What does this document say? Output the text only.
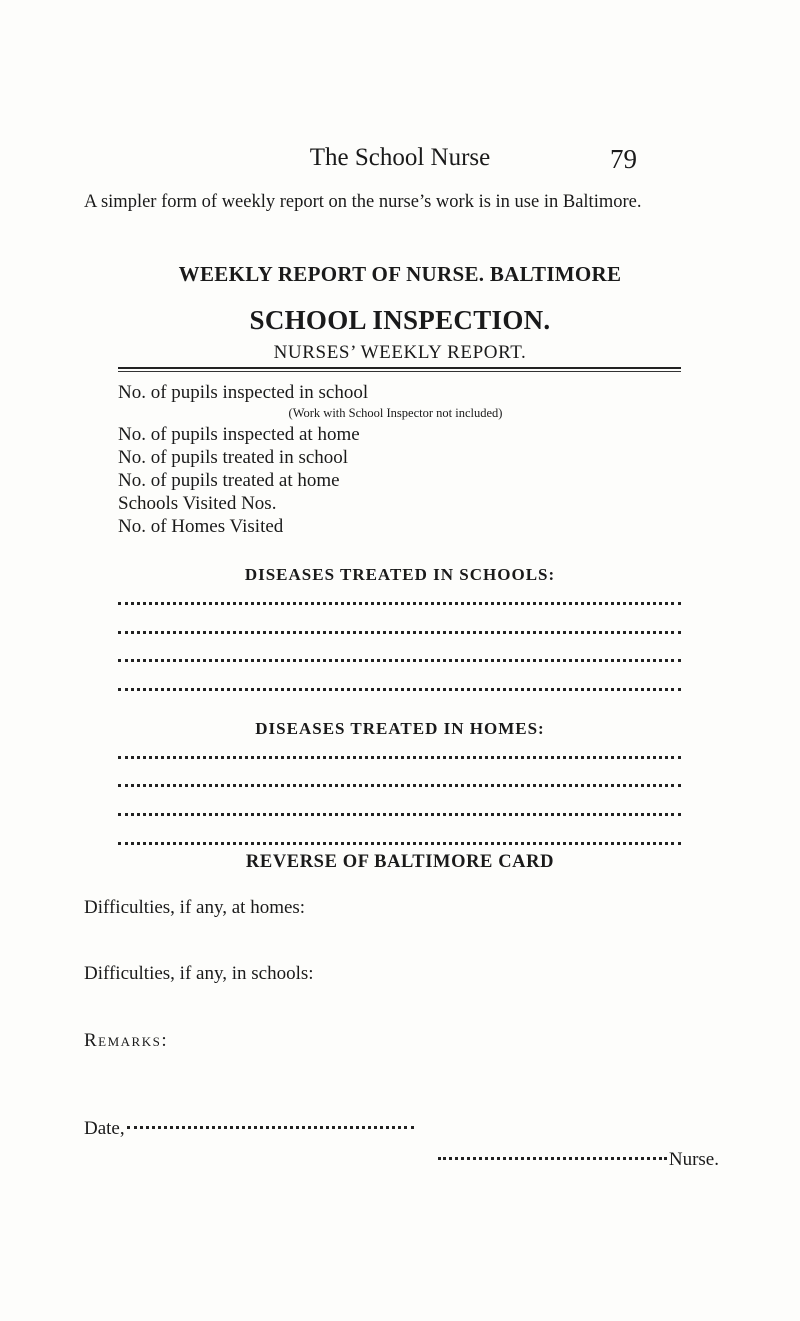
The School Nurse	79
A simpler form of weekly report on the nurse’s work is in use in Baltimore.
WEEKLY REPORT OF NURSE. BALTIMORE
SCHOOL INSPECTION.
NURSES’ WEEKLY REPORT.
No. of pupils inspected in school
(Work with School Inspector not included)
No. of pupils inspected at home
No. of pupils treated in school
No. of pupils treated at home
Schools Visited Nos.
No. of Homes Visited
DISEASES TREATED IN SCHOOLS:
DISEASES TREATED IN HOMES:
REVERSE OF BALTIMORE CARD
Difficulties, if any, at homes:
Difficulties, if any, in schools:
Remarks:
Date,
Nurse.
